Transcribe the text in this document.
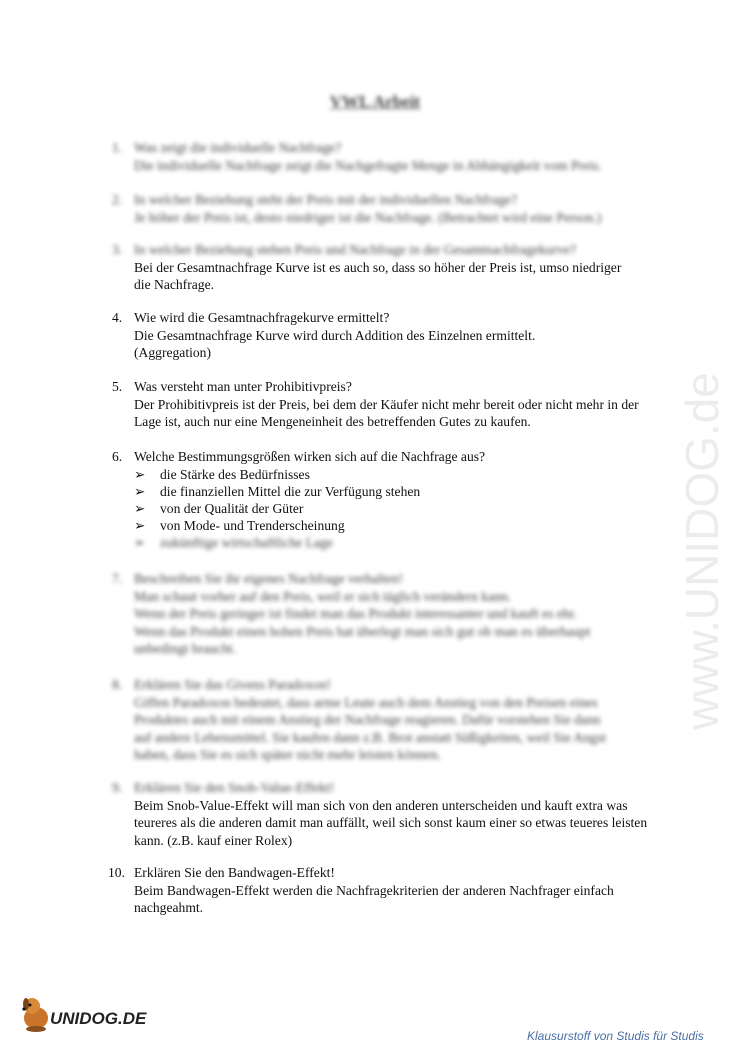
VWL Arbeit
1. Was zeigt die individuelle Nachfrage?
Die individuelle Nachfrage zeigt die Nachgefragte Menge in Abhängigkeit vom Preis.
2. In welcher Beziehung steht der Preis mit der individuellen Nachfrage?
Je höher der Preis ist, desto niedriger ist die Nachfrage. (Betrachtet wird eine Person.)
3. In welcher Beziehung stehen Preis und Nachfrage in der Gesamtnachfragekurve?
Bei der Gesamtnachfrage Kurve ist es auch so, dass so höher der Preis ist, umso niedriger die Nachfrage.
4. Wie wird die Gesamtnachfragekurve ermittelt?
Die Gesamtnachfrage Kurve wird durch Addition des Einzelnen ermittelt.
(Aggregation)
5. Was versteht man unter Prohibitivpreis?
Der Prohibitivpreis ist der Preis, bei dem der Käufer nicht mehr bereit oder nicht mehr in der Lage ist, auch nur eine Mengeneinheit des betreffenden Gutes zu kaufen.
6. Welche Bestimmungsgrößen wirken sich auf die Nachfrage aus?
➢ die Stärke des Bedürfnisses
➢ die finanziellen Mittel die zur Verfügung stehen
➢ von der Qualität der Güter
➢ von Mode- und Trenderscheinung
➢ zukünftige wirtschaftliche Lage
7. Beschreiben Sie ihr eigenes Nachfrage verhalten!
Man schaut vorher auf den Preis, weil er sich täglich verändern kann.
Wenn der Preis geringer ist findet man das Produkt interessanter und kauft es ehr.
Wenn das Produkt einen hohen Preis hat überlegt man sich gut ob man es überhaupt
unbedingt braucht.
8. Erklären Sie das Givens Paradoxon!
Giffen Paradoxon bedeutet, dass arme Leute auch dem Anstieg von den Preisen eines
Produktes auch mit einem Anstieg der Nachfrage reagieren. Dafür vorstehen Sie dann
auf andere Lebensmittel. Sie kaufen dann z.B. Brot anstatt Süßigkeiten, weil Sie Angst
haben, dass Sie es sich später nicht mehr leisten können.
9. Erklären Sie den Snob-Value-Effekt!
Beim Snob-Value-Effekt will man sich von den anderen unterscheiden und kauft extra was teureres als die anderen damit man auffällt, weil sich sonst kaum einer so etwas teueres leisten kann. (z.B. kauf einer Rolex)
10. Erklären Sie den Bandwagen-Effekt!
Beim Bandwagen-Effekt werden die Nachfragekriterien der anderen Nachfrager einfach nachgeahmt.
www.UNIDOG.de
UNIDOG.DE
Klausurstoff von Studis für Studis
